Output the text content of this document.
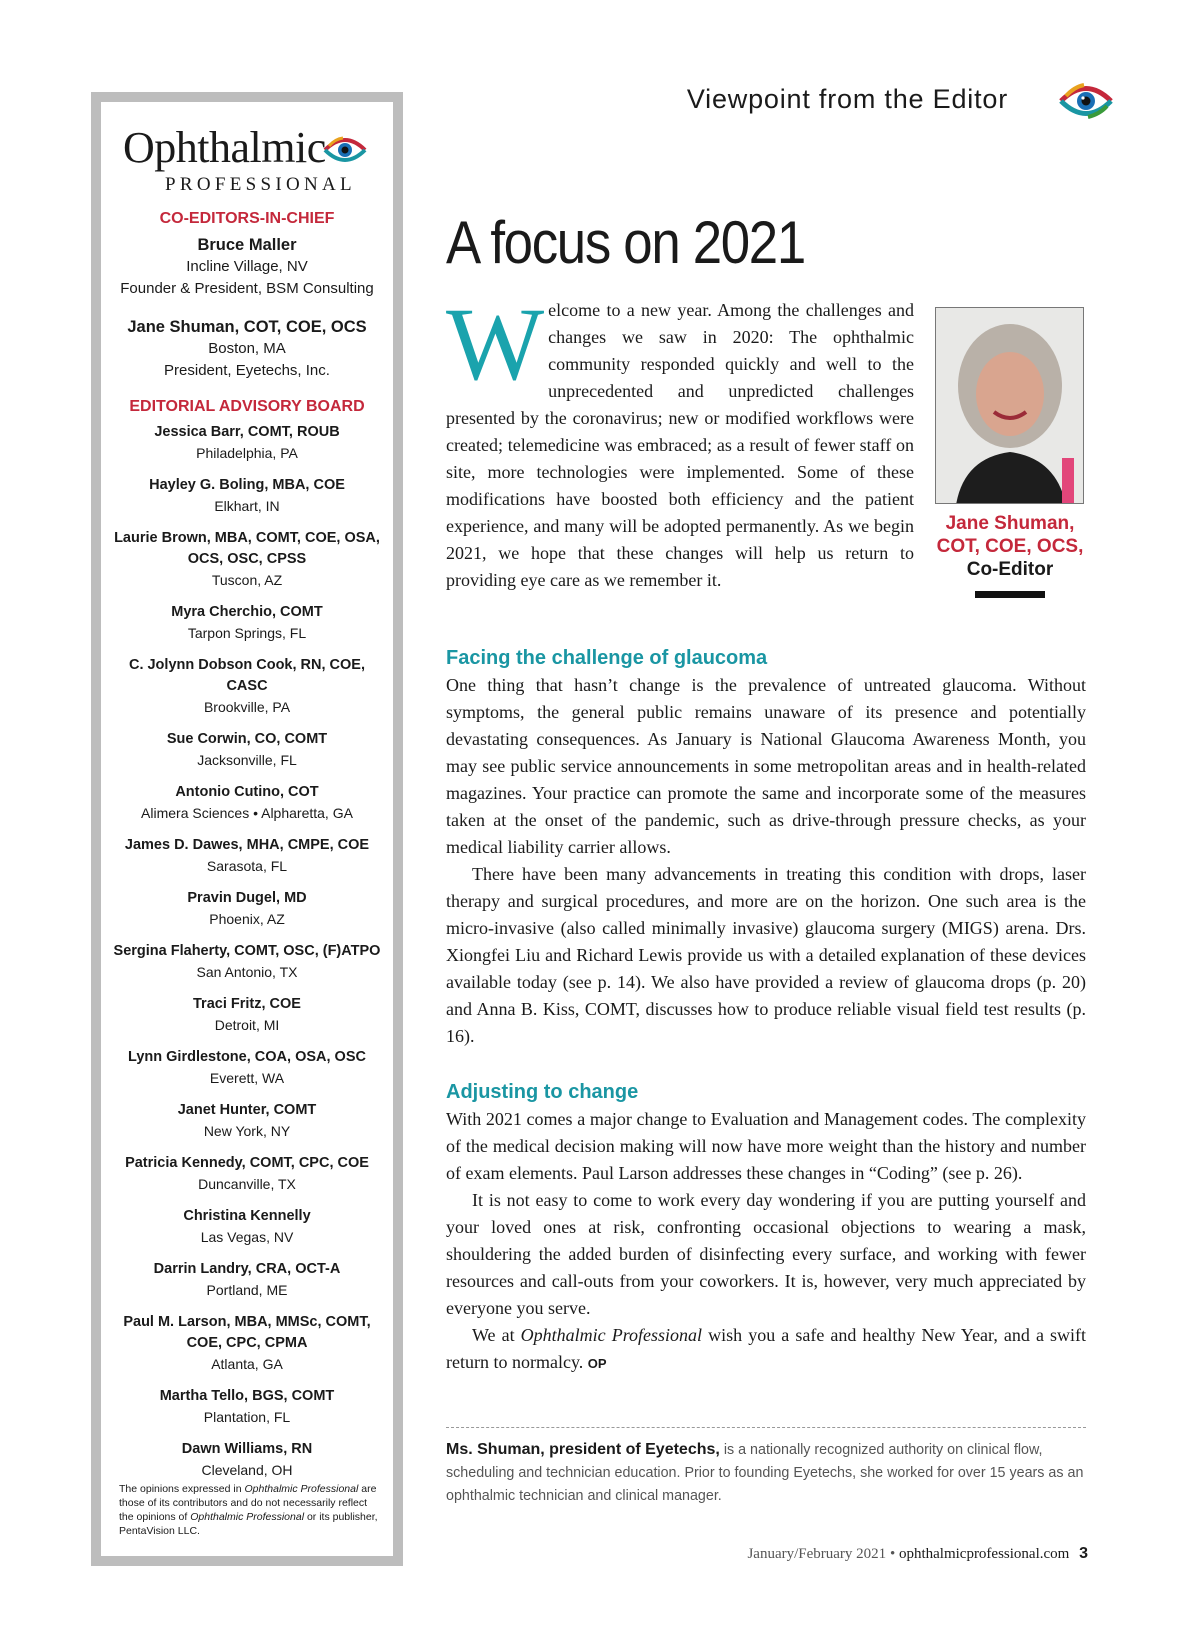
Ophthalmic
PROFESSIONAL
CO-EDITORS-IN-CHIEF
Bruce Maller
Incline Village, NV
Founder & President, BSM Consulting
Jane Shuman, COT, COE, OCS
Boston, MA
President, Eyetechs, Inc.
EDITORIAL ADVISORY BOARD
Jessica Barr, COMT, ROUB
Philadelphia, PA
Hayley G. Boling, MBA, COE
Elkhart, IN
Laurie Brown, MBA, COMT, COE, OSA, OCS, OSC, CPSS
Tuscon, AZ
Myra Cherchio, COMT
Tarpon Springs, FL
C. Jolynn Dobson Cook, RN, COE, CASC
Brookville, PA
Sue Corwin, CO, COMT
Jacksonville, FL
Antonio Cutino, COT
Alimera Sciences • Alpharetta, GA
James D. Dawes, MHA, CMPE, COE
Sarasota, FL
Pravin Dugel, MD
Phoenix, AZ
Sergina Flaherty, COMT, OSC, (F)ATPO
San Antonio, TX
Traci Fritz, COE
Detroit, MI
Lynn Girdlestone, COA, OSA, OSC
Everett, WA
Janet Hunter, COMT
New York, NY
Patricia Kennedy, COMT, CPC, COE
Duncanville, TX
Christina Kennelly
Las Vegas, NV
Darrin Landry, CRA, OCT-A
Portland, ME
Paul M. Larson, MBA, MMSc, COMT, COE, CPC, CPMA
Atlanta, GA
Martha Tello, BGS, COMT
Plantation, FL
Dawn Williams, RN
Cleveland, OH
The opinions expressed in Ophthalmic Professional are those of its contributors and do not necessarily reflect the opinions of Ophthalmic Professional or its publisher, PentaVision LLC.
Viewpoint from the Editor
A focus on 2021
W elcome to a new year. Among the challenges and changes we saw in 2020: The ophthalmic community responded quickly and well to the unprecedented and unpredicted challenges presented by the coronavirus; new or modified workflows were created; telemedicine was embraced; as a result of fewer staff on site, more technologies were implemented. Some of these modifications have boosted both efficiency and the patient experience, and many will be adopted permanently. As we begin 2021, we hope that these changes will help us return to providing eye care as we remember it.

Jane Shuman,
COT, COE, OCS,
Co-Editor
Facing the challenge of glaucoma

One thing that hasn’t change is the prevalence of untreated glaucoma. Without symptoms, the general public remains unaware of its presence and potentially devastating consequences. As January is National Glaucoma Awareness Month, you may see public service announcements in some metropolitan areas and in health-related magazines. Your practice can promote the same and incorporate some of the measures taken at the onset of the pandemic, such as drive-through pressure checks, as your medical liability carrier allows.

There have been many advancements in treating this condition with drops, laser therapy and surgical procedures, and more are on the horizon. One such area is the micro-invasive (also called minimally invasive) glaucoma surgery (MIGS) arena. Drs. Xiongfei Liu and Richard Lewis provide us with a detailed explanation of these devices available today (see p. 14). We also have provided a review of glaucoma drops (p. 20) and Anna B. Kiss, COMT, discusses how to produce reliable visual field test results (p. 16).

Adjusting to change

With 2021 comes a major change to Evaluation and Management codes. The complexity of the medical decision making will now have more weight than the history and number of exam elements. Paul Larson addresses these changes in “Coding” (see p. 26).

It is not easy to come to work every day wondering if you are putting yourself and your loved ones at risk, confronting occasional objections to wearing a mask, shouldering the added burden of disinfecting every surface, and working with fewer resources and call-outs from your coworkers. It is, however, very much appreciated by everyone you serve.

We at Ophthalmic Professional wish you a safe and healthy New Year, and a swift return to normalcy. OP

Ms. Shuman, president of Eyetechs, is a nationally recognized authority on clinical flow, scheduling and technician education. Prior to founding Eyetechs, she worked for over 15 years as an ophthalmic technician and clinical manager.
January/February 2021 • ophthalmicprofessional.com 3
